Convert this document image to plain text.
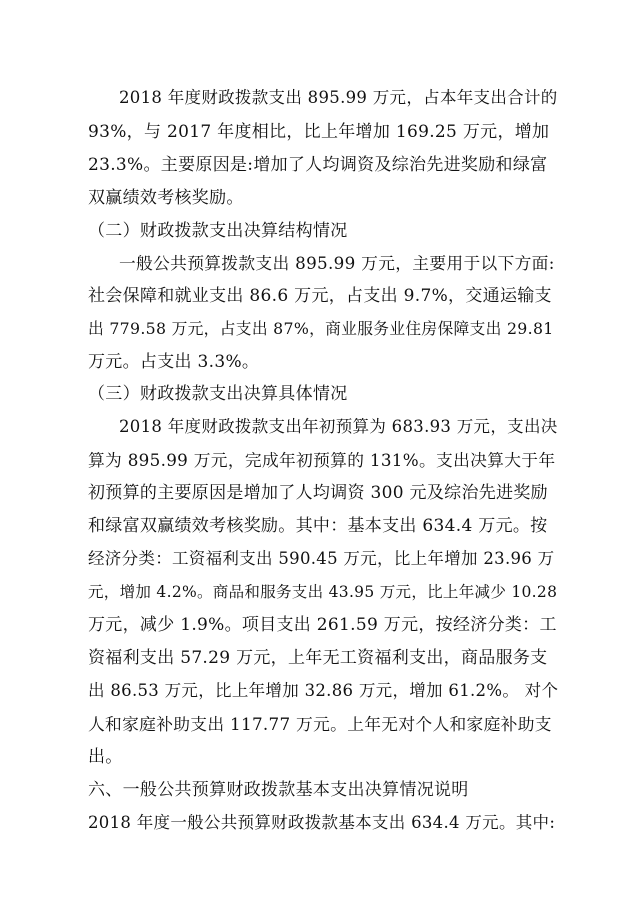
2018 年度财政拨款支出 895.99 万元，占本年支出合计的
93%，与 2017 年度相比，比上年增加 169.25 万元，增加
23.3%。主要原因是:增加了人均调资及综治先进奖励和绿富
双赢绩效考核奖励。
（二）财政拨款支出决算结构情况
一般公共预算拨款支出 895.99 万元，主要用于以下方面:
社会保障和就业支出 86.6 万元，占支出 9.7%，交通运输支
出 779.58 万元，占支出 87%，商业服务业住房保障支出 29.81
万元。占支出 3.3%。
（三）财政拨款支出决算具体情况
2018 年度财政拨款支出年初预算为 683.93 万元，支出决
算为 895.99 万元，完成年初预算的 131%。支出决算大于年
初预算的主要原因是增加了人均调资 300 元及综治先进奖励
和绿富双赢绩效考核奖励。其中：基本支出 634.4 万元。按
经济分类：工资福利支出 590.45 万元，比上年增加 23.96 万
元，增加 4.2%。商品和服务支出 43.95 万元，比上年减少 10.28
万元，减少 1.9%。项目支出 261.59 万元，按经济分类：工
资福利支出 57.29 万元，上年无工资福利支出，商品服务支
出 86.53 万元，比上年增加 32.86 万元，增加 61.2%。 对个
人和家庭补助支出 117.77 万元。上年无对个人和家庭补助支
出。
六、一般公共预算财政拨款基本支出决算情况说明
2018 年度一般公共预算财政拨款基本支出 634.4 万元。其中:
